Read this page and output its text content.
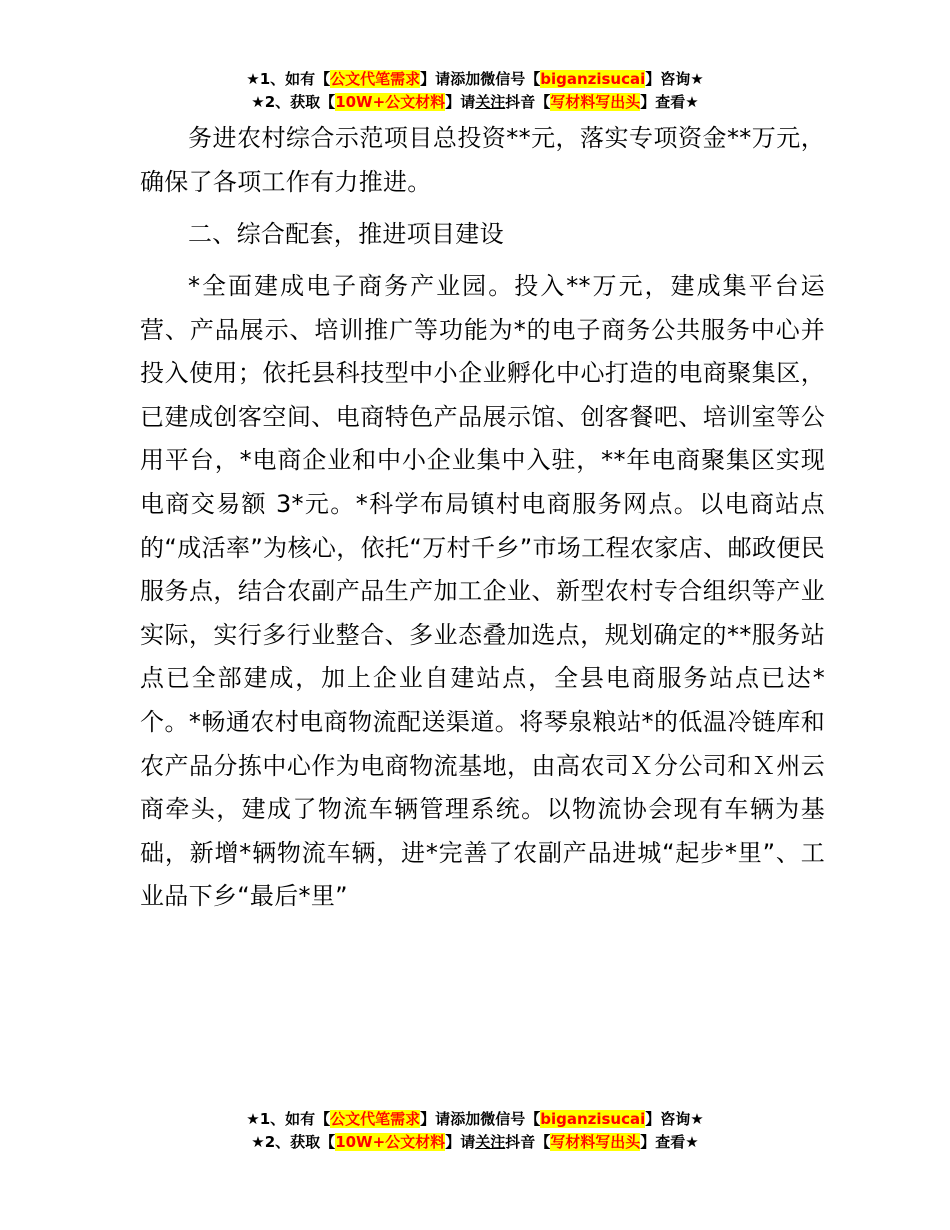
★1、如有【公文代笔需求】请添加微信号【biganzisucai】咨询★
★2、获取【10W+公文材料】请关注抖音【写材料写出头】查看★

务进农村综合示范项目总投资**元，落实专项资金**万元，确保了各项工作有力推进。

二、综合配套，推进项目建设

*全面建成电子商务产业园。投入**万元，建成集平台运营、产品展示、培训推广等功能为*的电子商务公共服务中心并投入使用；依托县科技型中小企业孵化中心打造的电商聚集区，已建成创客空间、电商特色产品展示馆、创客餐吧、培训室等公用平台，*电商企业和中小企业集中入驻，**年电商聚集区实现电商交易额 3*元。*科学布局镇村电商服务网点。以电商站点的“成活率”为核心，依托“万村千乡”市场工程农家店、邮政便民服务点，结合农副产品生产加工企业、新型农村专合组织等产业实际，实行多行业整合、多业态叠加选点，规划确定的**服务站点已全部建成，加上企业自建站点，全县电商服务站点已达*个。*畅通农村电商物流配送渠道。将琴泉粮站*的低温冷链库和农产品分拣中心作为电商物流基地，由高农司Ｘ分公司和Ｘ州云商牵头，建成了物流车辆管理系统。以物流协会现有车辆为基础，新增*辆物流车辆，进*完善了农副产品进城“起步*里”、工业品下乡“最后*里”

★1、如有【公文代笔需求】请添加微信号【biganzisucai】咨询★
★2、获取【10W+公文材料】请关注抖音【写材料写出头】查看★
